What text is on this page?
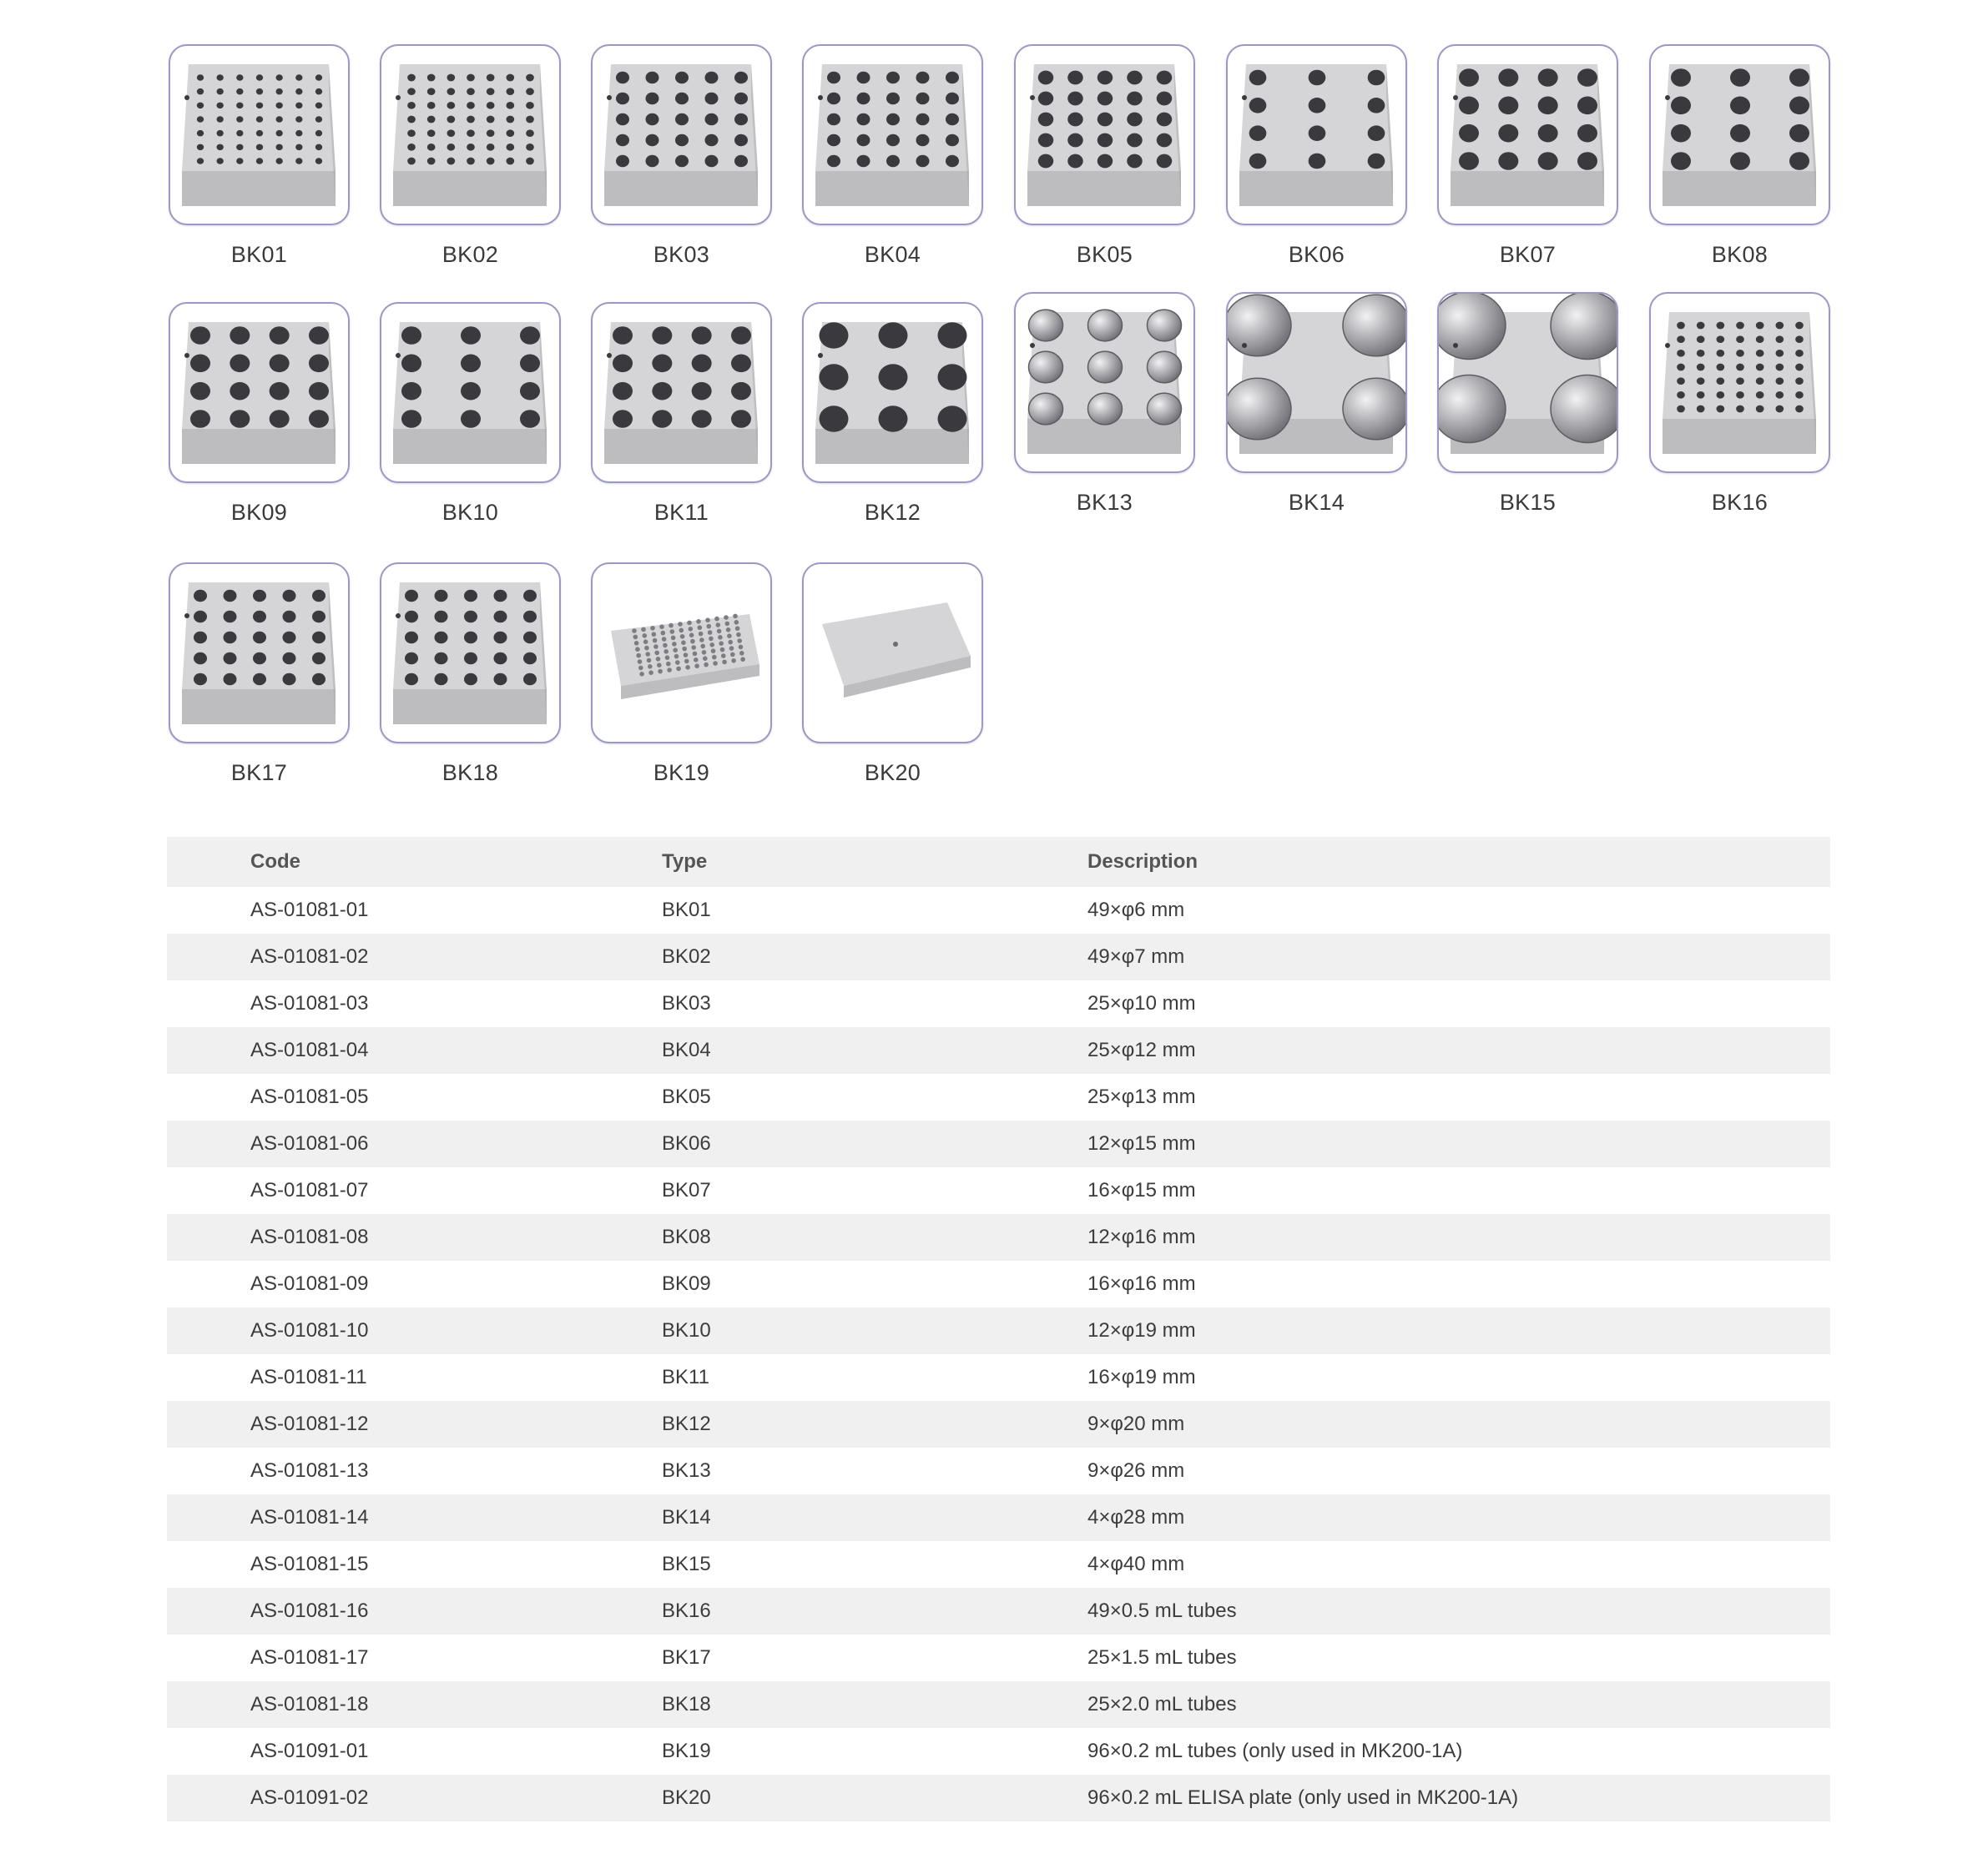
BK01	BK02	BK03	BK04	BK05	BK06	BK07	BK08
BK09	BK10	BK11	BK12	BK13	BK14	BK15	BK16
BK17	BK18	BK19	BK20
Code	Type	Description
AS-01081-01	BK01	49×φ6 mm
AS-01081-02	BK02	49×φ7 mm
AS-01081-03	BK03	25×φ10 mm
AS-01081-04	BK04	25×φ12 mm
AS-01081-05	BK05	25×φ13 mm
AS-01081-06	BK06	12×φ15 mm
AS-01081-07	BK07	16×φ15 mm
AS-01081-08	BK08	12×φ16 mm
AS-01081-09	BK09	16×φ16 mm
AS-01081-10	BK10	12×φ19 mm
AS-01081-11	BK11	16×φ19 mm
AS-01081-12	BK12	9×φ20 mm
AS-01081-13	BK13	9×φ26 mm
AS-01081-14	BK14	4×φ28 mm
AS-01081-15	BK15	4×φ40 mm
AS-01081-16	BK16	49×0.5 mL tubes
AS-01081-17	BK17	25×1.5 mL tubes
AS-01081-18	BK18	25×2.0 mL tubes
AS-01091-01	BK19	96×0.2 mL tubes (only used in MK200-1A)
AS-01091-02	BK20	96×0.2 mL ELISA plate (only used in MK200-1A)
